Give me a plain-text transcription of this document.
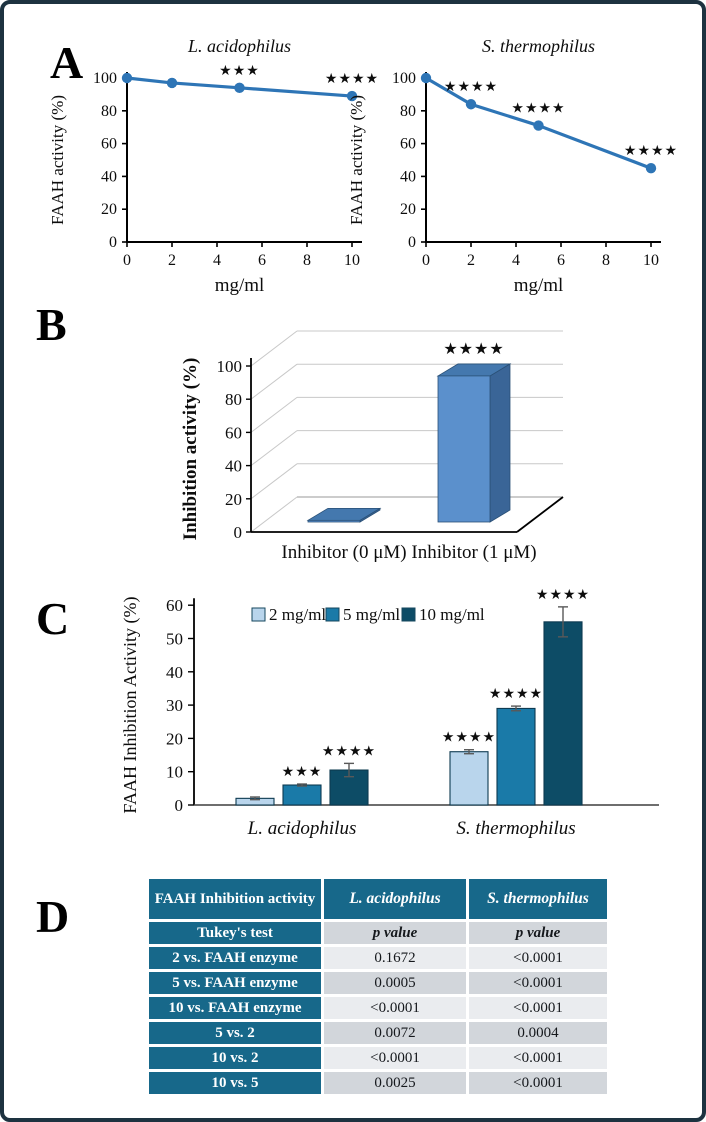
A
B
C
D
L. acidophilus
0
20
40
60
80
100
0 2 4 6 8 10
mg/ml
FAAH activity (%)
★★★
★★★★
S. thermophilus
0
20
40
60
80
100
0 2 4 6 8 10
mg/ml
FAAH activity (%)
★★★★
★★★★
★★★★
0
20
40
60
80
100
Inhibition activity (%)
Inhibitor (0 μM)
★★★★
Inhibitor (1 μM)
0
10
20
30
40
50
60
FAAH Inhibition Activity (%)	2 mg/ml 5 mg/ml 10 mg/ml
★★★
★★★★
L. acidophilus
★★★★
★★★★
★★★★
S. thermophilus
FAAH Inhibition activity	L. acidophilus	S. thermophilus
Tukey's test	p value	p value
2 vs. FAAH enzyme	0.1672	<0.0001
5 vs. FAAH enzyme	0.0005	<0.0001
10 vs. FAAH enzyme	<0.0001	<0.0001
5 vs. 2	0.0072	0.0004
10 vs. 2	<0.0001	<0.0001
10 vs. 5	0.0025	<0.0001
